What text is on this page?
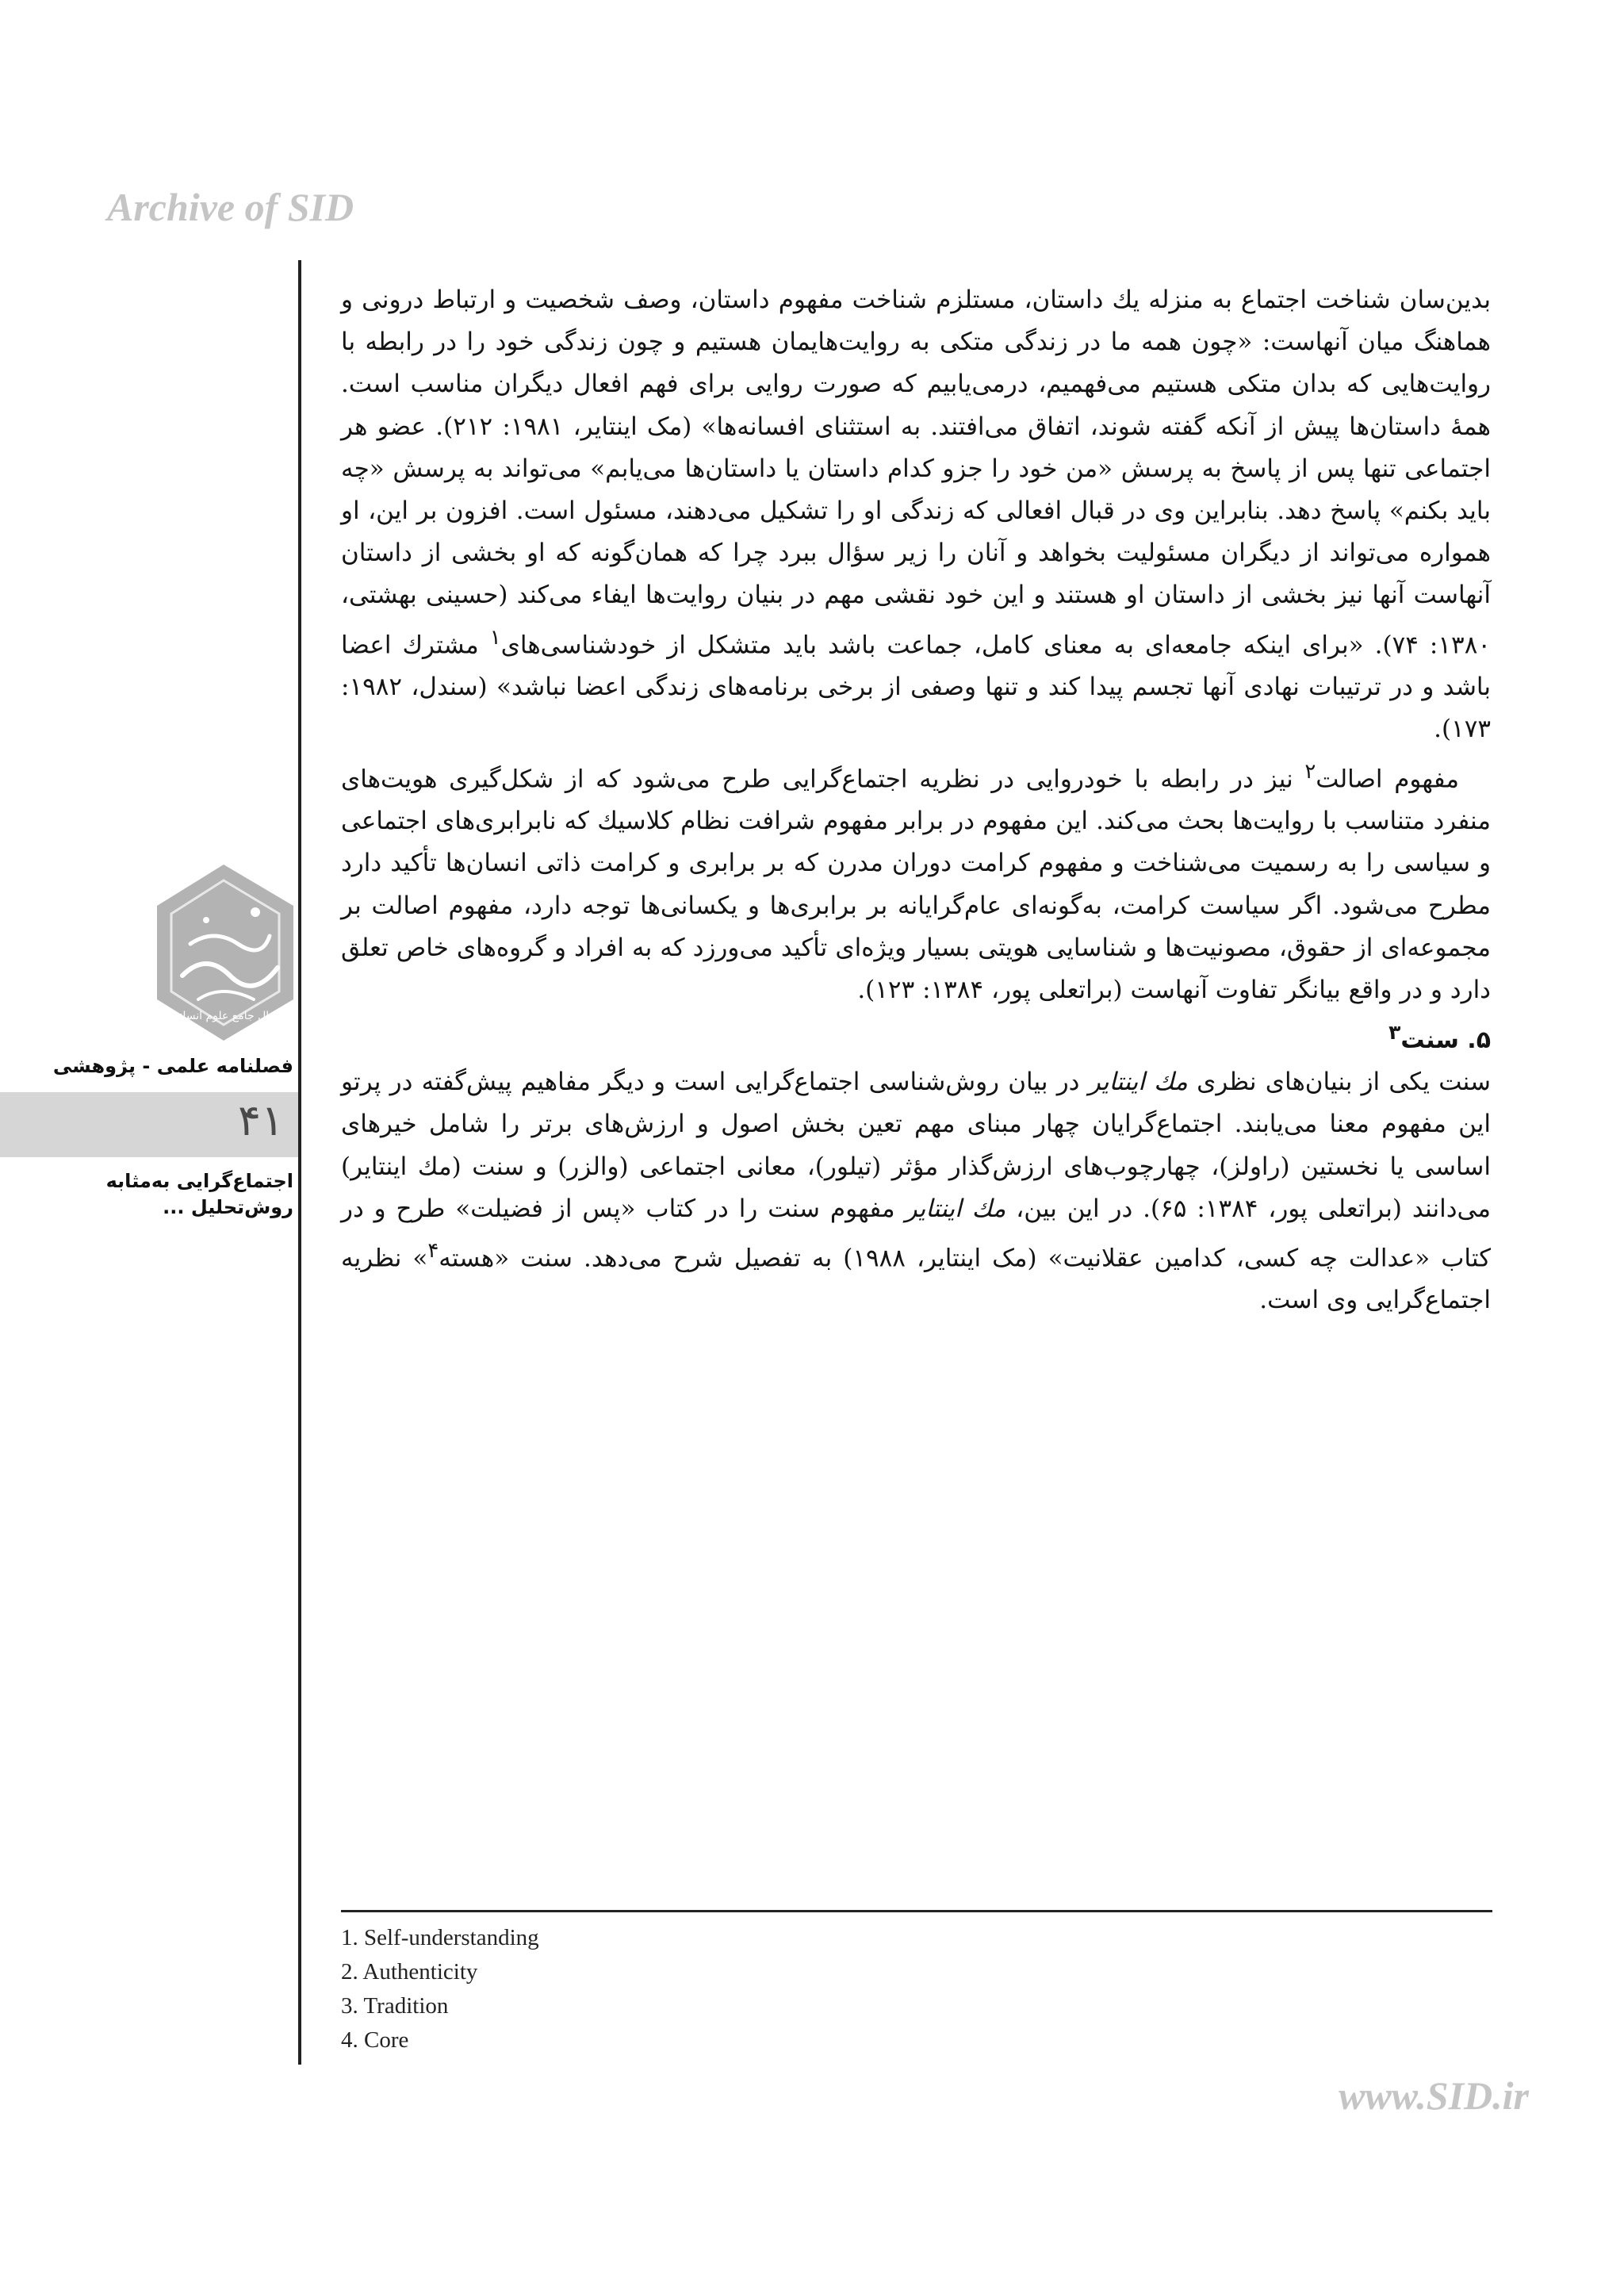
Archive of SID
پرتال جامع علوم انسانی
فصلنامه علمی - پژوهشی
۴۱
اجتماع‌گرایی به‌مثابه
روش‌تحلیل ...

بدین‌سان شناخت اجتماع به منزله یك داستان، مستلزم شناخت مفهوم داستان، وصف شخصیت و ارتباط درونی و هماهنگ میان آنهاست: «چون همه ما در زندگی متکی به روایت‌هایمان هستیم و چون زندگی خود را در رابطه با روایت‌هایی که بدان متکی هستیم می‌فهمیم، درمی‌یابیم که صورت روایی برای فهم افعال دیگران مناسب است. همهٔ داستان‌ها پیش از آنکه گفته شوند، اتفاق می‌افتند. به استثنای افسانه‌ها» (مک اینتایر، ۱۹۸۱: ۲۱۲). عضو هر اجتماعی تنها پس از پاسخ به پرسش «من خود را جزو کدام داستان یا داستان‌ها می‌یابم» می‌تواند به پرسش «چه باید بکنم» پاسخ دهد. بنابراین وی در قبال افعالی که زندگی او را تشکیل می‌دهند، مسئول است. افزون بر این، او همواره می‌تواند از دیگران مسئولیت بخواهد و آنان را زیر سؤال ببرد چرا که همان‌گونه که او بخشی از داستان آنهاست آنها نیز بخشی از داستان او هستند و این خود نقشی مهم در بنیان روایت‌ها ایفاء می‌کند (حسینی بهشتی، ۱۳۸۰: ۷۴). «برای اینکه جامعه‌ای به معنای کامل، جماعت باشد باید متشکل از خودشناسی‌های$^۱$ مشترك اعضا باشد و در ترتیبات نهادی آنها تجسم پیدا کند و تنها وصفی از برخی برنامه‌های زندگی اعضا نباشد» (سندل، ۱۹۸۲: ۱۷۳).

مفهوم اصالت$^۲$ نیز در رابطه با خودروایی در نظریه اجتماع‌گرایی طرح می‌شود که از شکل‌گیری هویت‌های منفرد متناسب با روایت‌ها بحث می‌کند. این مفهوم در برابر مفهوم شرافت نظام کلاسیك که نابرابری‌های اجتماعی و سیاسی را به رسمیت می‌شناخت و مفهوم کرامت دوران مدرن که بر برابری و کرامت ذاتی انسان‌ها تأکید دارد مطرح می‌شود. اگر سیاست کرامت، به‌گونه‌ای عام‌گرایانه بر برابری‌ها و یکسانی‌ها توجه دارد، مفهوم اصالت بر مجموعه‌ای از حقوق، مصونیت‌ها و شناسایی هویتی بسیار ویژه‌ای تأکید می‌ورزد که به افراد و گروه‌های خاص تعلق دارد و در واقع بیانگر تفاوت آنهاست (براتعلی پور، ۱۳۸۴: ۱۲۳).

۵. سنت$^۳$

سنت یکی از بنیان‌های نظری مك اینتایر در بیان روش‌شناسی اجتماع‌گرایی است و دیگر مفاهیم پیش‌گفته در پرتو این مفهوم معنا می‌یابند. اجتماع‌گرایان چهار مبنای مهم تعین بخش اصول و ارزش‌های برتر را شامل خیرهای اساسی یا نخستین (راولز)، چهارچوب‌های ارزش‌گذار مؤثر (تیلور)، معانی اجتماعی (والزر) و سنت (مك اینتایر) می‌دانند (براتعلی پور، ۱۳۸۴: ۶۵). در این بین، مك اینتایر مفهوم سنت را در کتاب «پس از فضیلت» طرح و در کتاب «عدالت چه کسی، کدامین عقلانیت» (مک اینتایر، ۱۹۸۸) به تفصیل شرح می‌دهد. سنت «هسته$^۴$» نظریه اجتماع‌گرایی وی است.

1. Self-understanding
2. Authenticity
3. Tradition
4. Core
www.SID.ir
